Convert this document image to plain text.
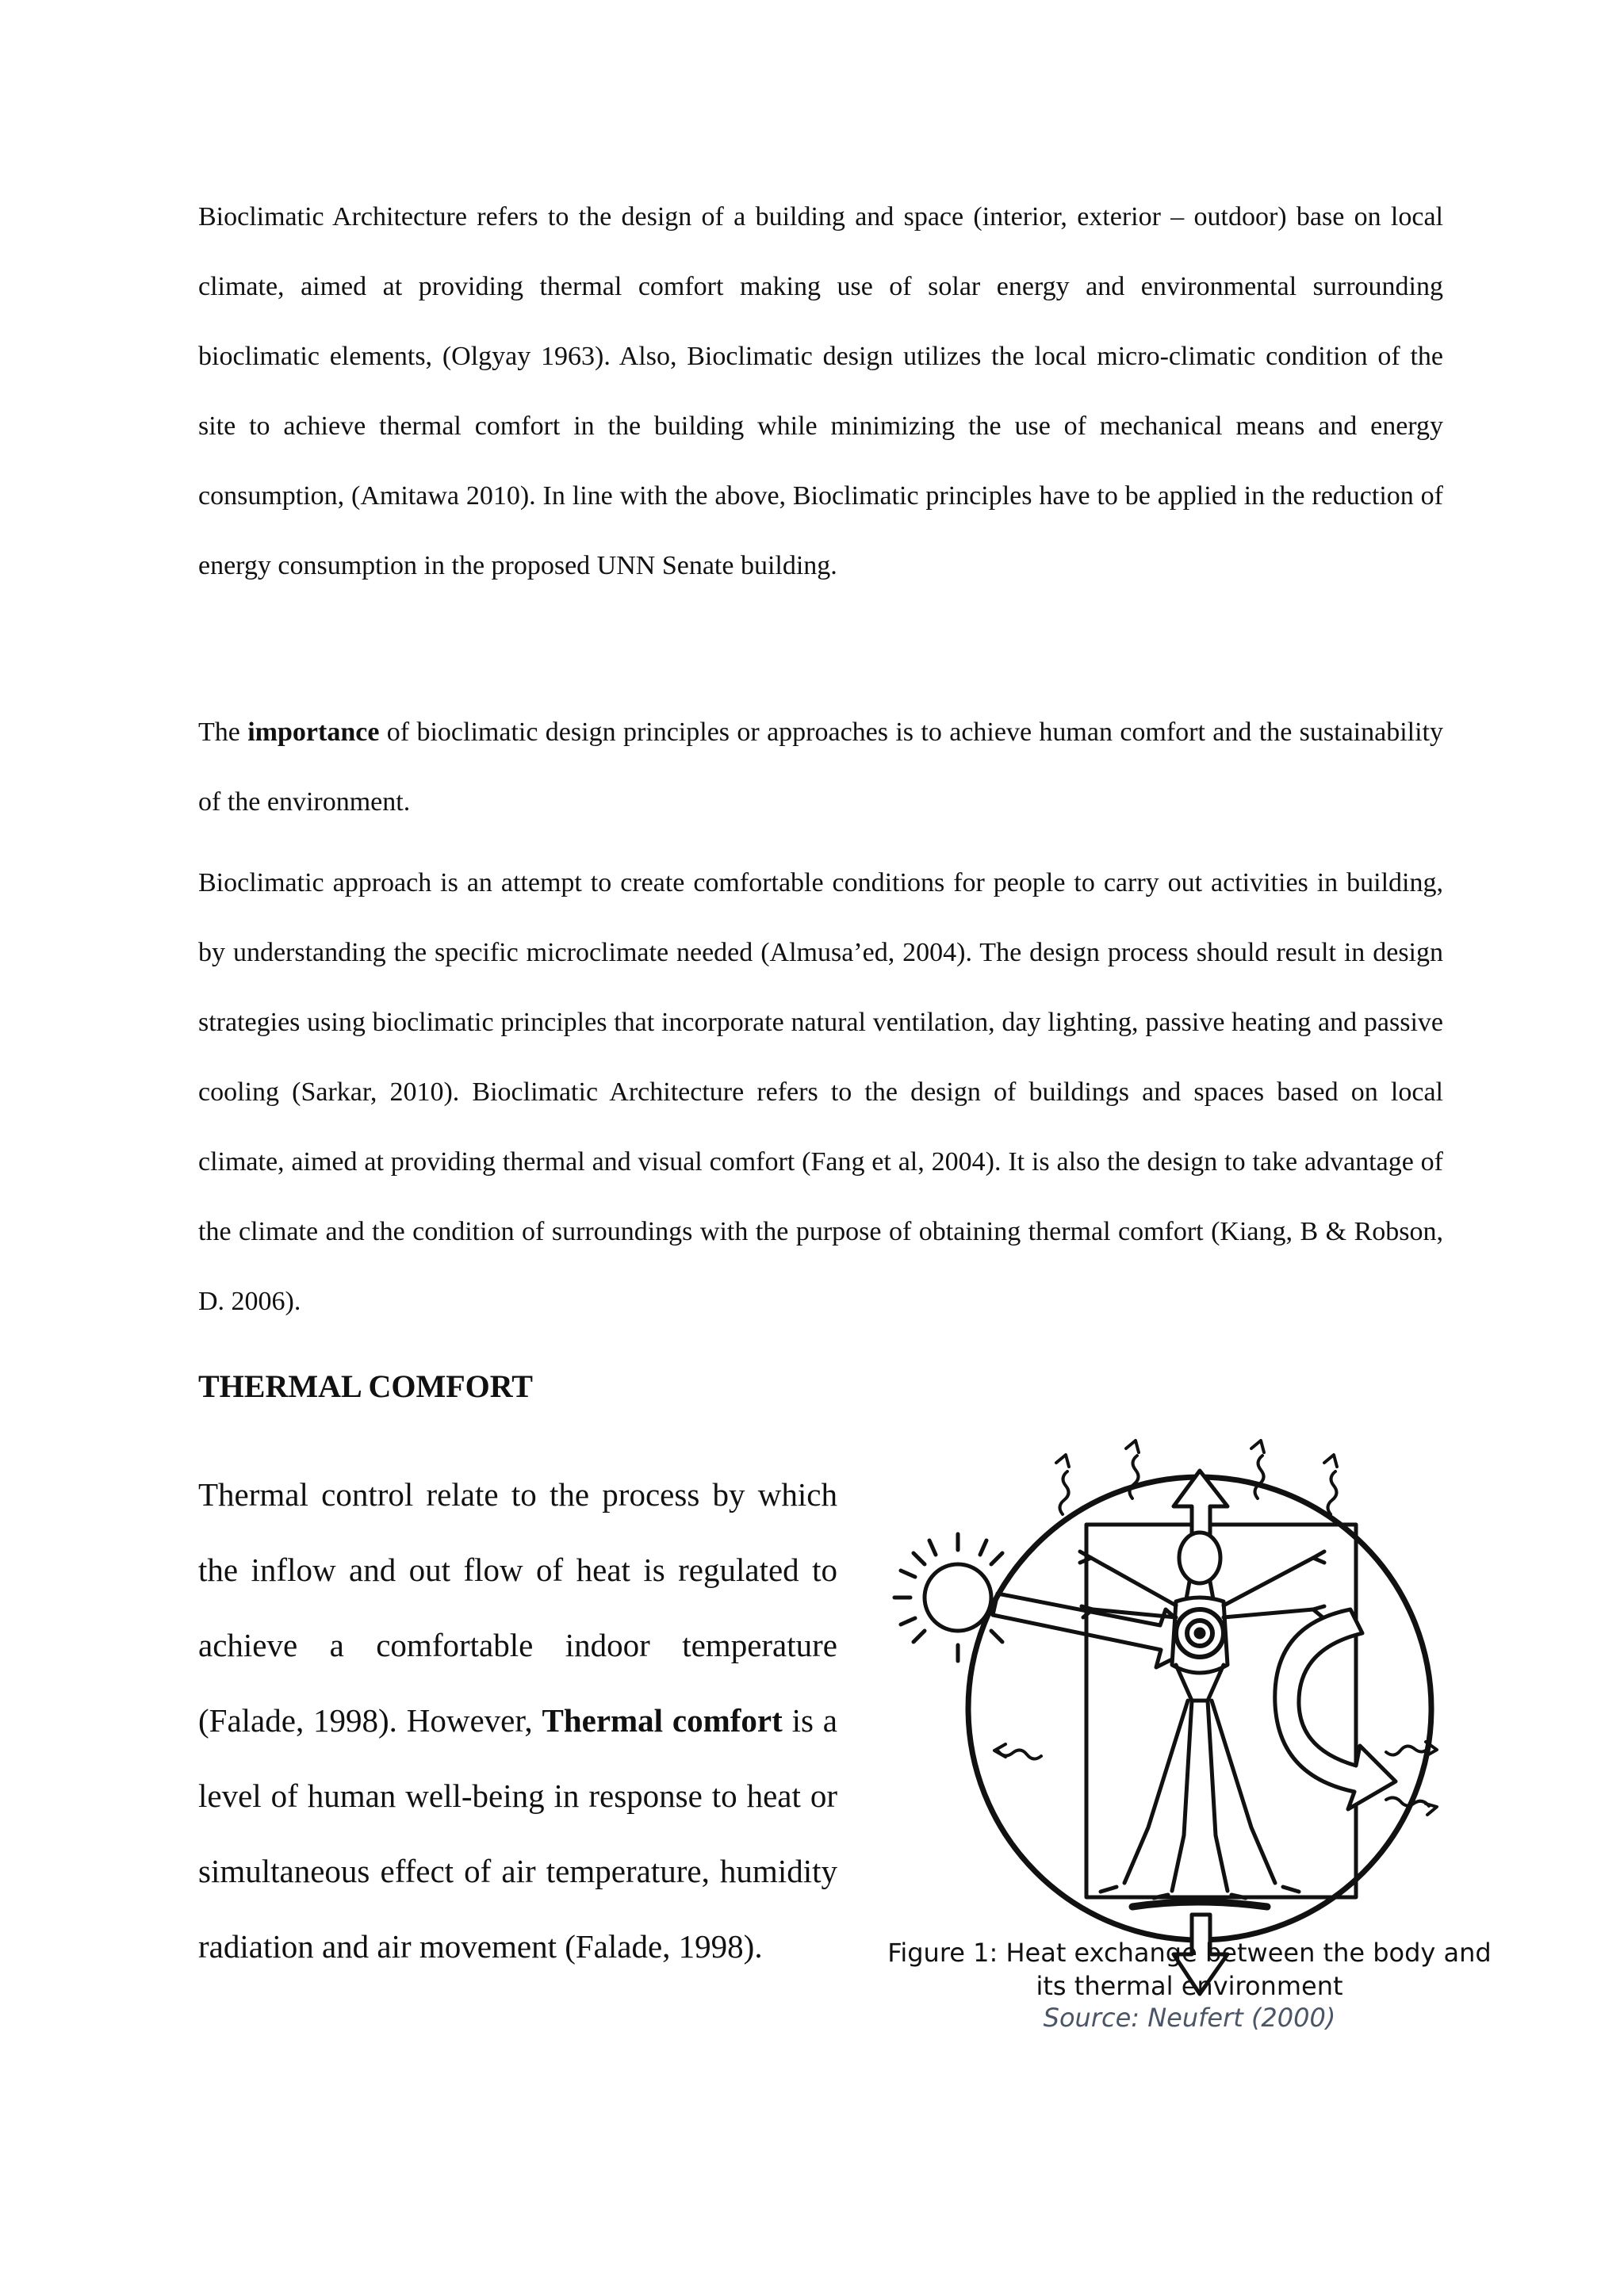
Bioclimatic Architecture refers to the design of a building and space (interior, exterior – outdoor) base on local climate, aimed at providing thermal comfort making use of solar energy and environmental surrounding bioclimatic elements, (Olgyay 1963). Also, Bioclimatic design utilizes the local micro-climatic condition of the site to achieve thermal comfort in the building while minimizing the use of mechanical means and energy consumption, (Amitawa 2010). In line with the above, Bioclimatic principles have to be applied in the reduction of energy consumption in the proposed UNN Senate building.

The importance of bioclimatic design principles or approaches is to achieve human comfort and the sustainability of the environment.

Bioclimatic approach is an attempt to create comfortable conditions for people to carry out activities in building, by understanding the specific microclimate needed (Almusa’ed, 2004). The design process should result in design strategies using bioclimatic principles that incorporate natural ventilation, day lighting, passive heating and passive cooling (Sarkar, 2010). Bioclimatic Architecture refers to the design of buildings and spaces based on local climate, aimed at providing thermal and visual comfort (Fang et al, 2004). It is also the design to take advantage of the climate and the condition of surroundings with the purpose of obtaining thermal comfort (Kiang, B & Robson, D. 2006).

THERMAL COMFORT

Thermal control relate to the process by which the inflow and out flow of heat is regulated to achieve a comfortable indoor temperature (Falade, 1998). However, Thermal comfort is a level of human well-being in response to heat or simultaneous effect of air temperature, humidity radiation and air movement (Falade, 1998).	Figure 1: Heat exchange between the body and its thermal environment
Source: Neufert (2000)
